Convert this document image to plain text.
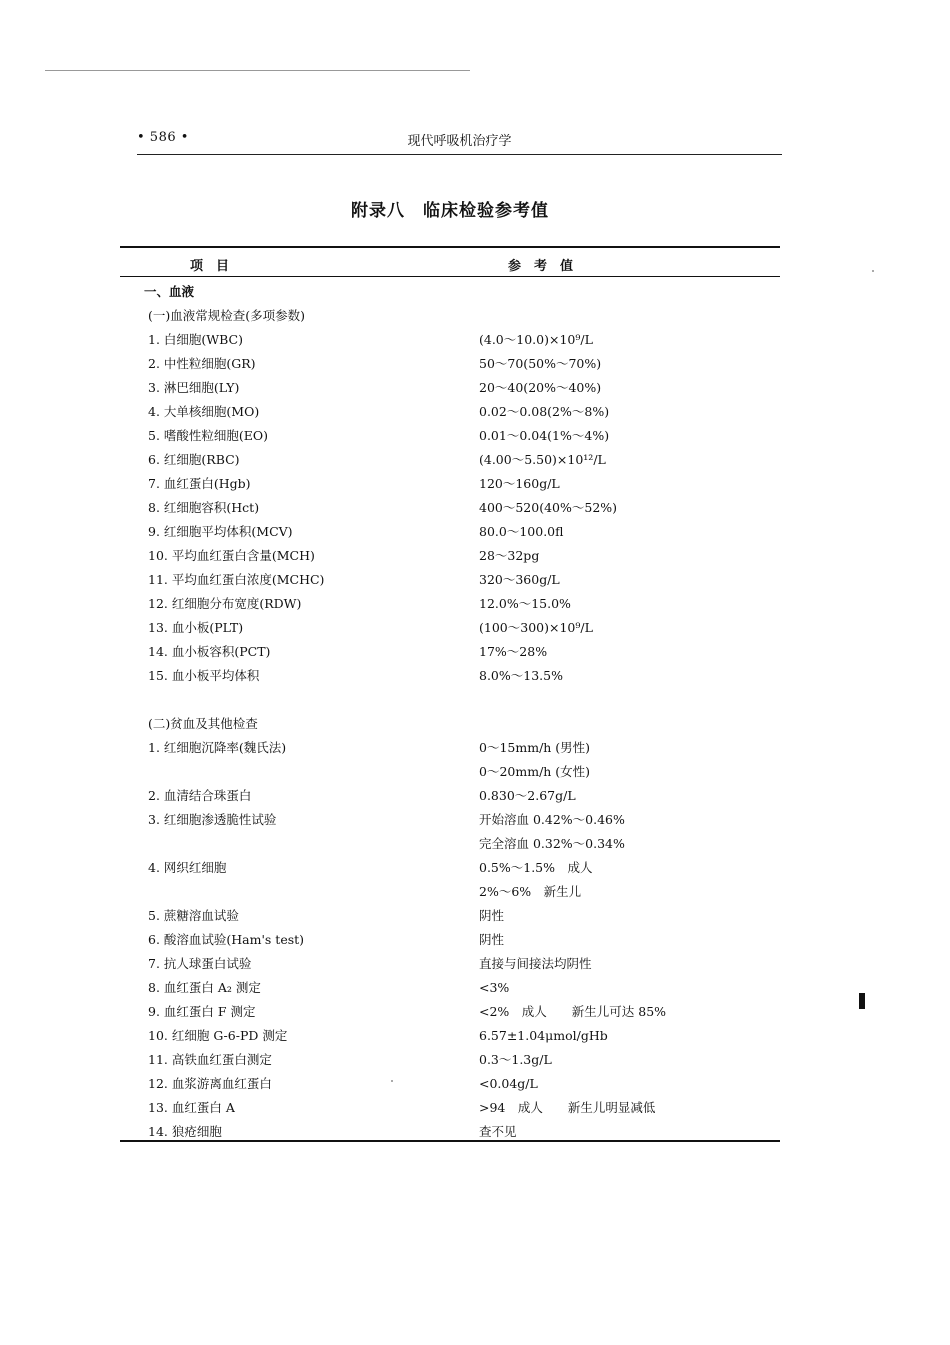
• 586 •	现代呼吸机治疗学
附录八　临床检验参考值
项　目	参　考　值
一、血液
(一)血液常规检查(多项参数)
1. 白细胞(WBC)	(4.0～10.0)×10⁹/L
2. 中性粒细胞(GR)	50～70(50%～70%)
3. 淋巴细胞(LY)	20～40(20%～40%)
4. 大单核细胞(MO)	0.02～0.08(2%～8%)
5. 嗜酸性粒细胞(EO)	0.01～0.04(1%～4%)
6. 红细胞(RBC)	(4.00～5.50)×10¹²/L
7. 血红蛋白(Hgb)	120～160g/L
8. 红细胞容积(Hct)	400～520(40%～52%)
9. 红细胞平均体积(MCV)	80.0～100.0fl
10. 平均血红蛋白含量(MCH)	28～32pg
11. 平均血红蛋白浓度(MCHC)	320～360g/L
12. 红细胞分布宽度(RDW)	12.0%～15.0%
13. 血小板(PLT)	(100～300)×10⁹/L
14. 血小板容积(PCT)	17%～28%
15. 血小板平均体积	8.0%～13.5%
(二)贫血及其他检查
1. 红细胞沉降率(魏氏法)	0～15mm/h (男性)
0～20mm/h (女性)
2. 血清结合珠蛋白	0.830～2.67g/L
3. 红细胞渗透脆性试验	开始溶血 0.42%～0.46%
完全溶血 0.32%～0.34%
4. 网织红细胞	0.5%～1.5%　成人
2%～6%　新生儿
5. 蔗糖溶血试验	阴性
6. 酸溶血试验(Ham's test)	阴性
7. 抗人球蛋白试验	直接与间接法均阴性
8. 血红蛋白 A₂ 测定	<3%
9. 血红蛋白 F 测定	<2%　成人　　新生儿可达 85%
10. 红细胞 G-6-PD 测定	6.57±1.04μmol/gHb
11. 高铁血红蛋白测定	0.3～1.3g/L
12. 血浆游离血红蛋白	<0.04g/L
13. 血红蛋白 A	>94　成人　　新生儿明显减低
14. 狼疮细胞	查不见
